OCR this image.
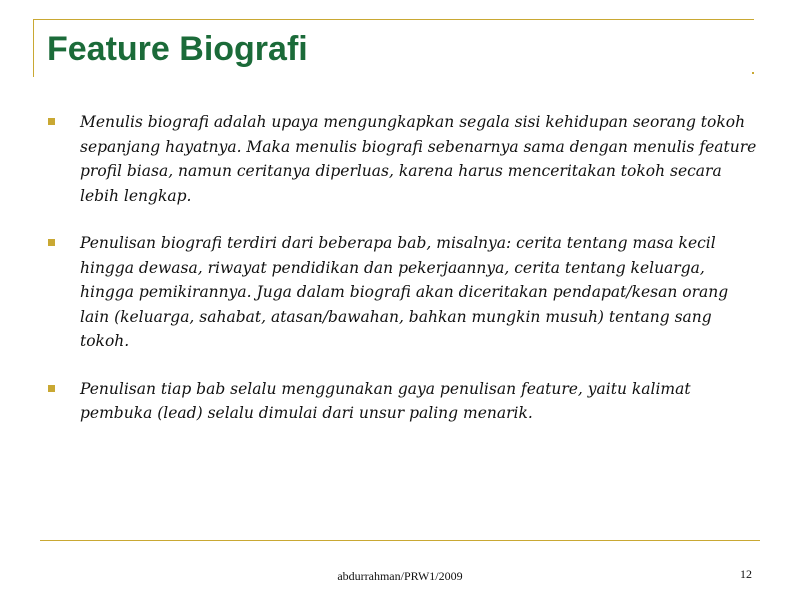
Feature Biografi
Menulis biografi adalah upaya mengungkapkan segala sisi kehidupan seorang tokoh sepanjang hayatnya. Maka menulis biografi sebenarnya sama dengan menulis feature profil biasa, namun ceritanya diperluas, karena harus menceritakan tokoh secara lebih lengkap.
Penulisan biografi terdiri dari beberapa bab, misalnya: cerita tentang masa kecil hingga dewasa, riwayat pendidikan dan pekerjaannya, cerita tentang keluarga, hingga pemikirannya. Juga dalam biografi akan diceritakan pendapat/kesan orang lain (keluarga, sahabat, atasan/bawahan, bahkan mungkin musuh) tentang sang tokoh.
Penulisan tiap bab selalu menggunakan gaya penulisan feature, yaitu kalimat pembuka (lead) selalu dimulai dari unsur paling menarik.
abdurrahman/PRW1/2009	12
